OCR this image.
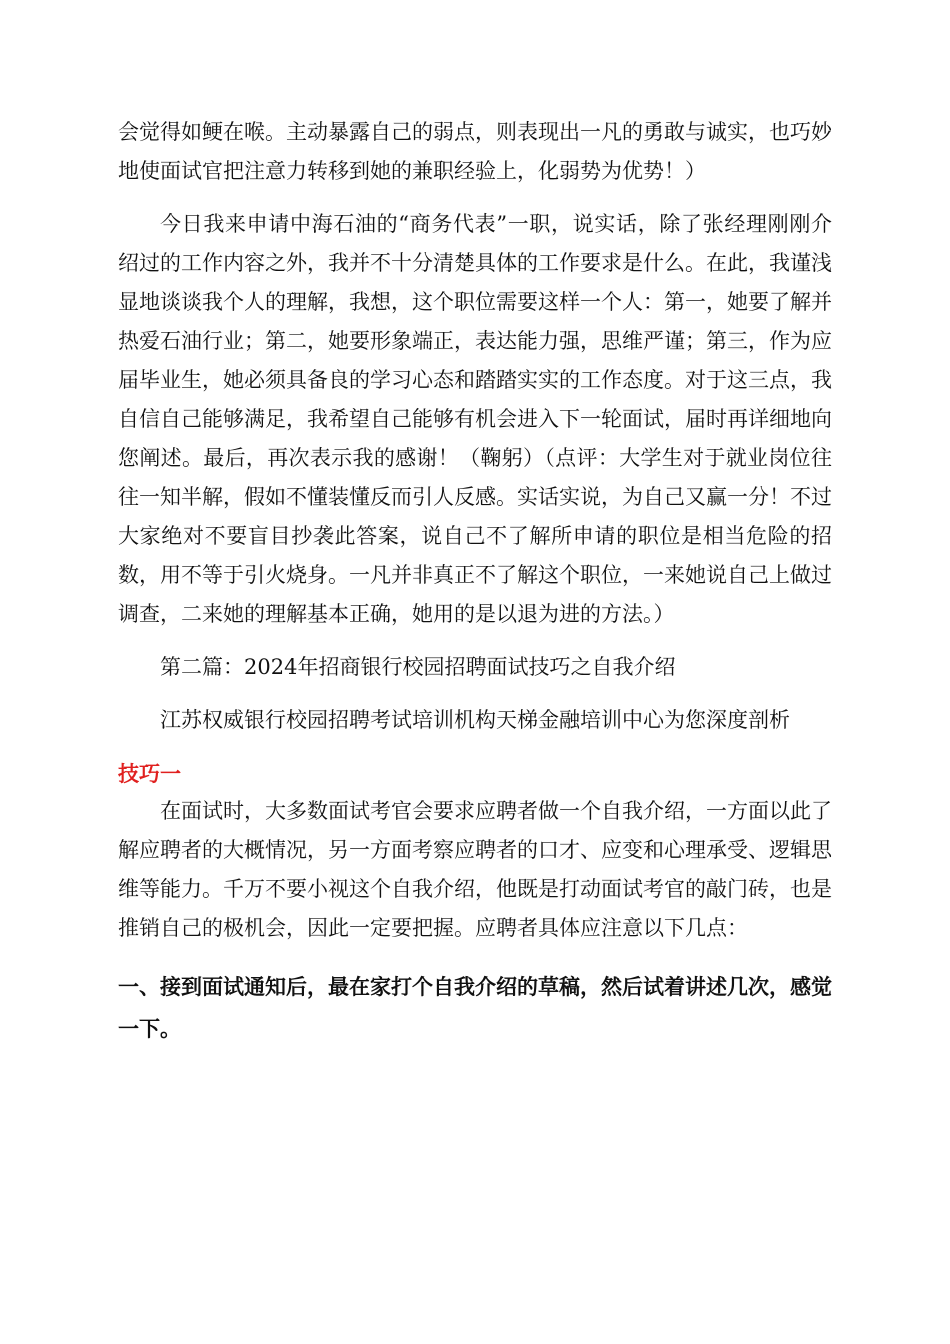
会觉得如鲠在喉。主动暴露自己的弱点，则表现出一凡的勇敢与诚实，也巧妙地使面试官把注意力转移到她的兼职经验上，化弱势为优势！）

今日我来申请中海石油的“商务代表”一职，说实话，除了张经理刚刚介绍过的工作内容之外，我并不十分清楚具体的工作要求是什么。在此，我谨浅显地谈谈我个人的理解，我想，这个职位需要这样一个人：第一，她要了解并热爱石油行业；第二，她要形象端正，表达能力强，思维严谨；第三，作为应届毕业生，她必须具备良的学习心态和踏踏实实的工作态度。对于这三点，我自信自己能够满足，我希望自己能够有机会进入下一轮面试，届时再详细地向您阐述。最后，再次表示我的感谢！（鞠躬）（点评：大学生对于就业岗位往往一知半解，假如不懂装懂反而引人反感。实话实说，为自己又赢一分！不过大家绝对不要盲目抄袭此答案，说自己不了解所申请的职位是相当危险的招数，用不等于引火烧身。一凡并非真正不了解这个职位，一来她说自己上做过调查，二来她的理解基本正确，她用的是以退为进的方法。）

第二篇：2024年招商银行校园招聘面试技巧之自我介绍

江苏权威银行校园招聘考试培训机构天梯金融培训中心为您深度剖析

技巧一

在面试时，大多数面试考官会要求应聘者做一个自我介绍，一方面以此了解应聘者的大概情况，另一方面考察应聘者的口才、应变和心理承受、逻辑思维等能力。千万不要小视这个自我介绍，他既是打动面试考官的敲门砖，也是推销自己的极机会，因此一定要把握。应聘者具体应注意以下几点：

一、接到面试通知后，最在家打个自我介绍的草稿，然后试着讲述几次，感觉一下。
